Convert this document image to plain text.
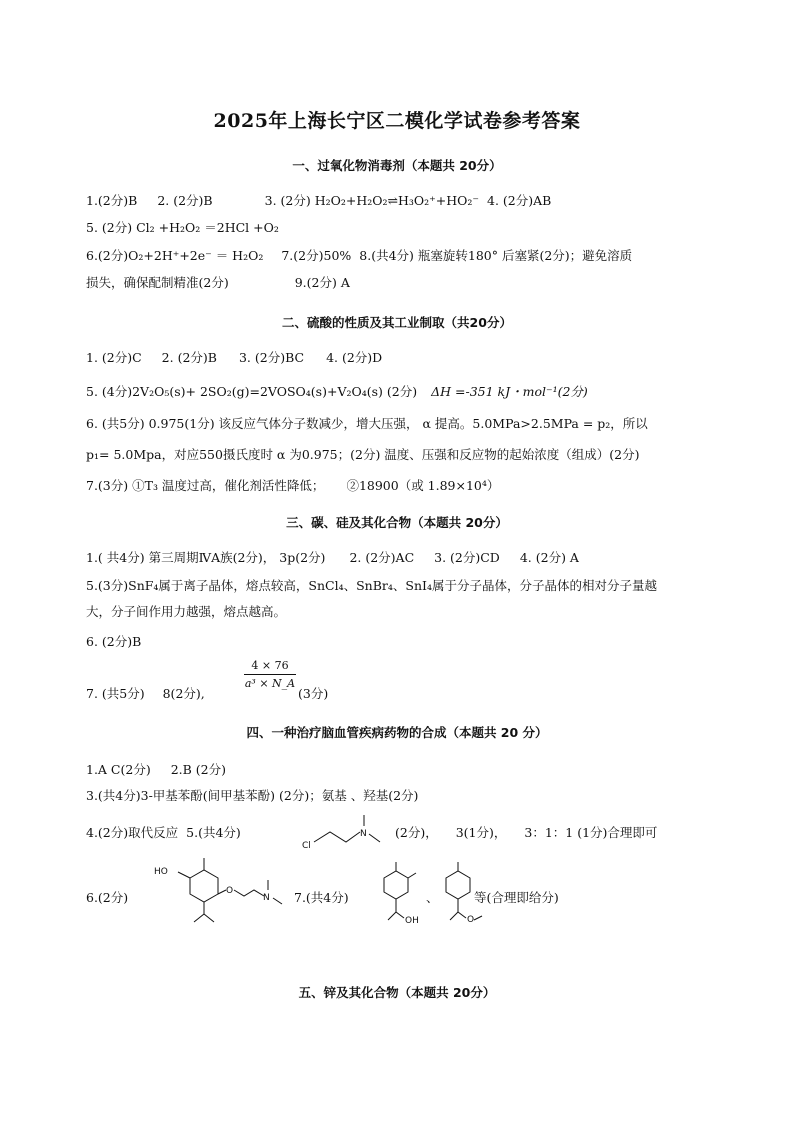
2025年上海长宁区二模化学试卷参考答案
一、过氧化物消毒剂（本题共 20分）
1.(2分)B 2. (2分)B	3. (2分) H₂O₂+H₂O₂⇌H₃O₂⁺+HO₂⁻ 4. (2分)AB
5. (2分) Cl₂ +H₂O₂ ＝2HCl +O₂
6.(2分)O₂+2H⁺+2e⁻ ＝ H₂O₂ 7.(2分)50% 8.(共4分) 瓶塞旋转180° 后塞紧(2分)；避免溶质
损失，确保配制精准(2分)	9.(2分) A
二、硫酸的性质及其工业制取（共20分）
1. (2分)C 2. (2分)B 3. (2分)BC 4. (2分)D
5. (4分)2V₂O₅(s)+ 2SO₂(g)=2VOSO₄(s)+V₂O₄(s) (2分) ΔH =-351 kJ・mol⁻¹(2分)
6. (共5分) 0.975(1分) 该反应气体分子数减少，增大压强， α 提高。5.0MPa>2.5MPa = p₂，所以
p₁= 5.0Mpa，对应550摄氏度时 α 为0.975；(2分) 温度、压强和反应物的起始浓度（组成）(2分)
7.(3分) ①T₃ 温度过高，催化剂活性降低； ②18900（或 1.89×10⁴）
三、碳、硅及其化合物（本题共 20分）
1.( 共4分) 第三周期ⅣA族(2分)， 3p(2分) 2. (2分)AC 3. (2分)CD 4. (2分) A
5.(3分)SnF₄属于离子晶体，熔点较高，SnCl₄、SnBr₄、SnI₄属于分子晶体，分子晶体的相对分子量越
大，分子间作用力越强，熔点越高。
6. (2分)B
7. (共5分) 8(2分),
$\frac{4 \times 76}{\text{a³ × N\_A}}$
(3分)
四、一种治疗脑血管疾病药物的合成（本题共 20 分）
1.A C(2分) 2.B (2分)
3.(共4分)3-甲基苯酚(间甲基苯酚) (2分)；氨基 、羟基(2分)
4.(2分)取代反应 5.(共4分)	(2分)， 3(1分)， 3：1：1 (1分)合理即可
Cl
N
6.(2分)
HO
O
N 7.(共4分)
OH
、
O
等(合理即给分)
五、锌及其化合物（本题共 20分）
